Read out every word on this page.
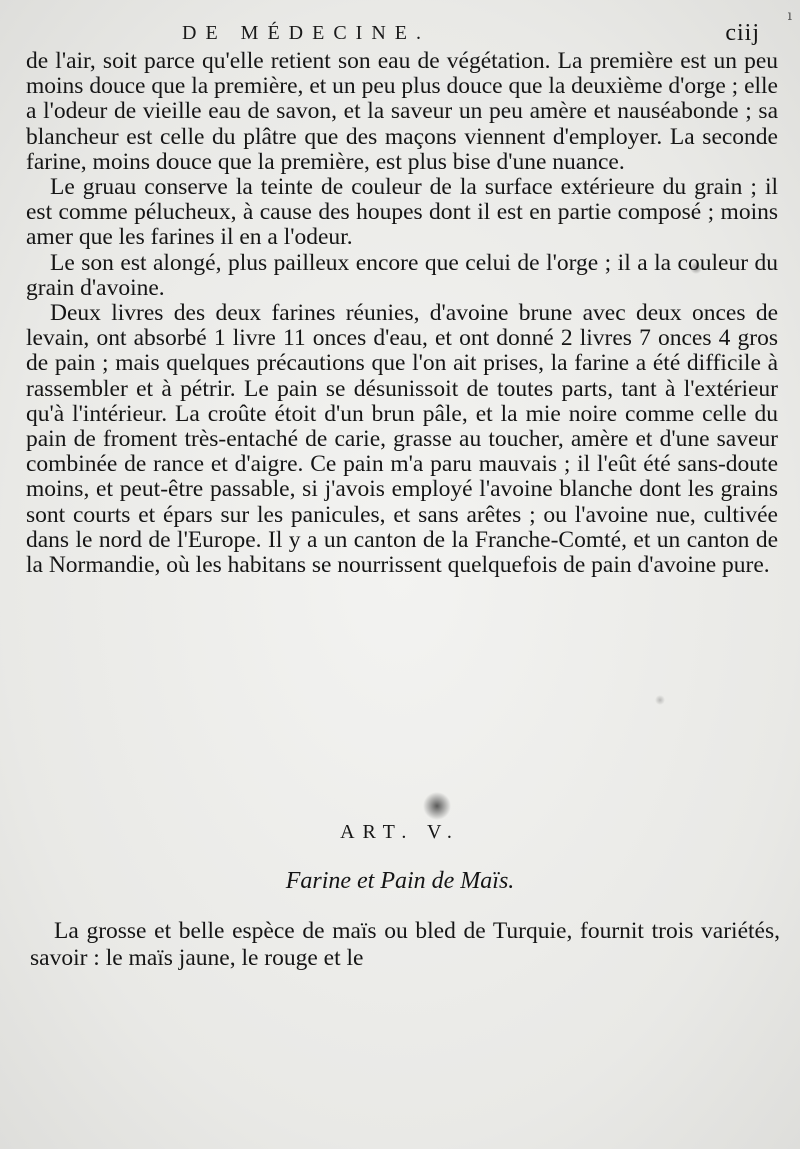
ı
DE MÉDECINE.	ciij

de l'air, soit parce qu'elle retient son eau de végétation. La première est un peu moins douce que la première, et un peu plus douce que la deuxième d'orge ; elle a l'odeur de vieille eau de savon, et la saveur un peu amère et nauséabonde ; sa blancheur est celle du plâtre que des maçons viennent d'employer. La seconde farine, moins douce que la première, est plus bise d'une nuance.

Le gruau conserve la teinte de couleur de la surface extérieure du grain ; il est comme pélucheux, à cause des houpes dont il est en partie composé ; moins amer que les farines il en a l'odeur.

Le son est alongé, plus pailleux encore que celui de l'orge ; il a la couleur du grain d'avoine.

Deux livres des deux farines réunies, d'avoine brune avec deux onces de levain, ont absorbé 1 livre 11 onces d'eau, et ont donné 2 livres 7 onces 4 gros de pain ; mais quelques précautions que l'on ait prises, la farine a été difficile à rassembler et à pétrir. Le pain se désunissoit de toutes parts, tant à l'extérieur qu'à l'intérieur. La croûte étoit d'un brun pâle, et la mie noire comme celle du pain de froment très-entaché de carie, grasse au toucher, amère et d'une saveur combinée de rance et d'aigre. Ce pain m'a paru mauvais ; il l'eût été sans-doute moins, et peut-être passable, si j'avois employé l'avoine blanche dont les grains sont courts et épars sur les panicules, et sans arêtes ; ou l'avoine nue, cultivée dans le nord de l'Europe. Il y a un canton de la Franche-Comté, et un canton de la Normandie, où les habitans se nourrissent quelquefois de pain d'avoine pure.

ART. V.
Farine et Pain de Maïs.

La grosse et belle espèce de maïs ou bled de Turquie, fournit trois variétés, savoir : le maïs jaune, le rouge et le
